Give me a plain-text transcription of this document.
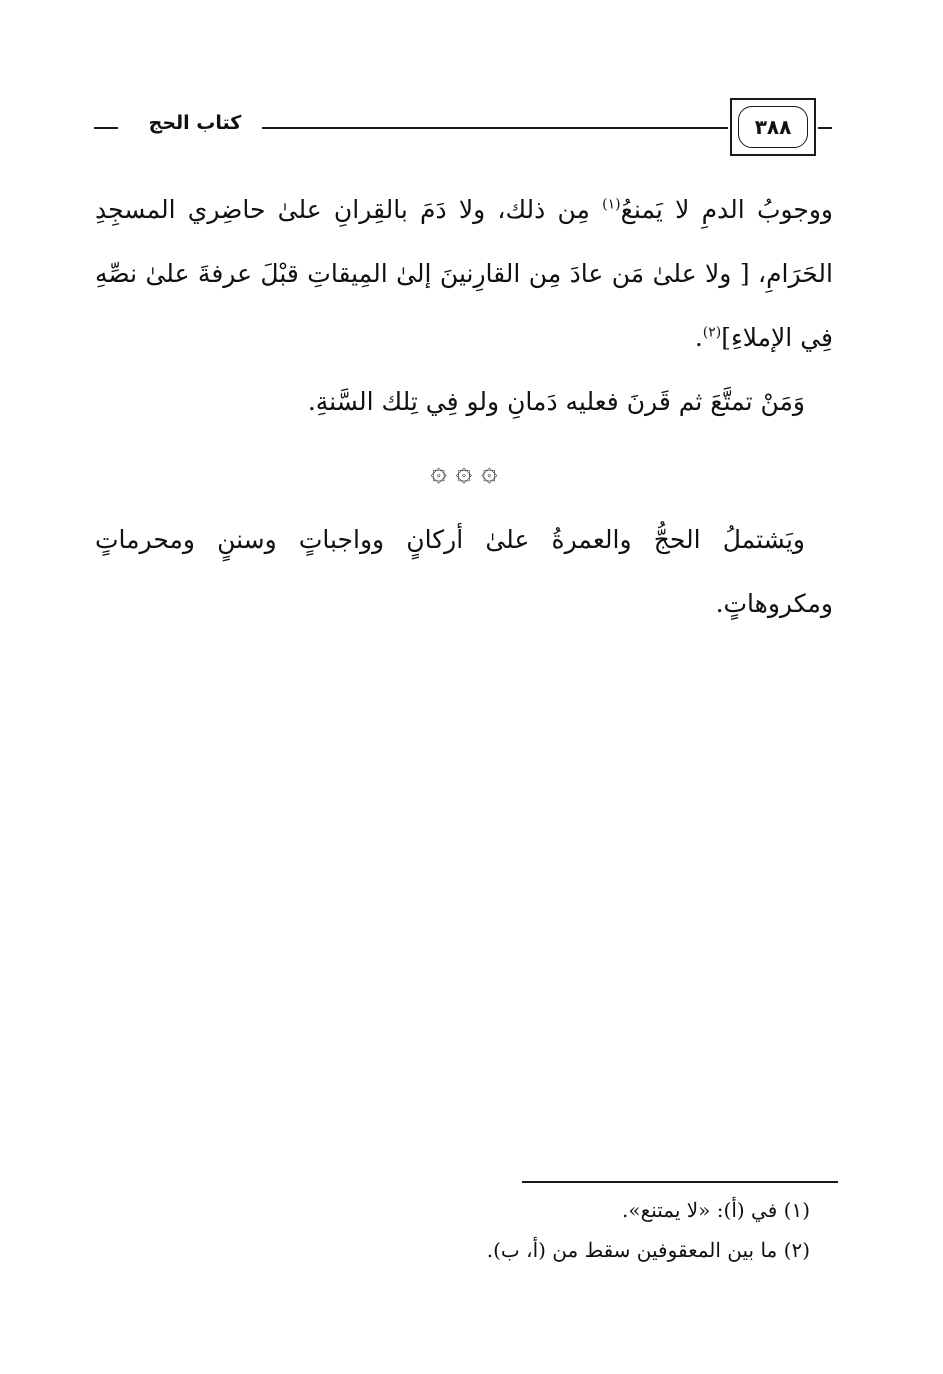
٣٨٨
كتاب الحج

ووجوبُ الدمِ لا يَمنعُ$^{(١)}$ مِن ذلك، ولا دَمَ بالقِرانِ علىٰ حاضِري المسجِدِ الحَرَامِ، [ ولا علىٰ مَن عادَ مِن القارِنينَ إلىٰ المِيقاتِ قبْلَ عرفةَ علىٰ نصِّهِ فِي الإملاءِ]$^{(٢)}$.

وَمَنْ تمتَّعَ ثم قَرنَ فعليه دَمانِ ولو فِي تِلك السَّنةِ.

۞ ۞ ۞

ويَشتملُ الحجُّ والعمرةُ علىٰ أركانٍ وواجباتٍ وسننٍ ومحرماتٍ ومكروهاتٍ.

(١) في (أ): «لا يمتنع».
(٢) ما بين المعقوفين سقط من (أ، ب).
